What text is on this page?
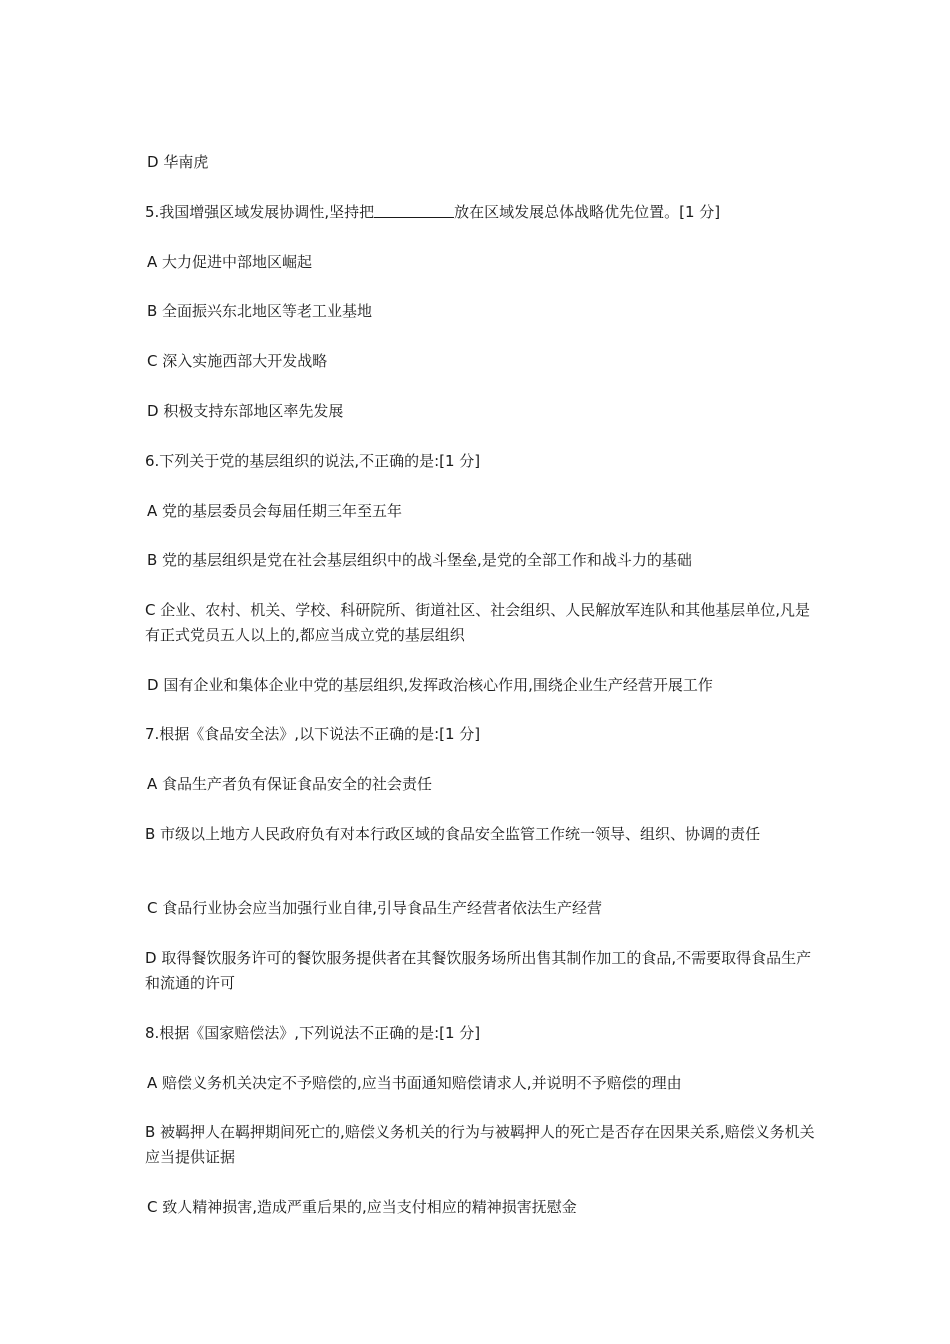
D 华南虎
5.我国增强区域发展协调性,坚持把	放在区域发展总体战略优先位置。[1 分]
A 大力促进中部地区崛起
B 全面振兴东北地区等老工业基地
C 深入实施西部大开发战略
D 积极支持东部地区率先发展
6.下列关于党的基层组织的说法,不正确的是:[1 分]
A 党的基层委员会每届任期三年至五年
B 党的基层组织是党在社会基层组织中的战斗堡垒,是党的全部工作和战斗力的基础
C 企业、农村、机关、学校、科研院所、街道社区、社会组织、人民解放军连队和其他基层单位,凡是有正式党员五人以上的,都应当成立党的基层组织
D 国有企业和集体企业中党的基层组织,发挥政治核心作用,围绕企业生产经营开展工作
7.根据《食品安全法》,以下说法不正确的是:[1 分]
A 食品生产者负有保证食品安全的社会责任
B 市级以上地方人民政府负有对本行政区域的食品安全监管工作统一领导、组织、协调的责任
C 食品行业协会应当加强行业自律,引导食品生产经营者依法生产经营
D 取得餐饮服务许可的餐饮服务提供者在其餐饮服务场所出售其制作加工的食品,不需要取得食品生产和流通的许可
8.根据《国家赔偿法》,下列说法不正确的是:[1 分]
A 赔偿义务机关决定不予赔偿的,应当书面通知赔偿请求人,并说明不予赔偿的理由
B 被羁押人在羁押期间死亡的,赔偿义务机关的行为与被羁押人的死亡是否存在因果关系,赔偿义务机关应当提供证据
C 致人精神损害,造成严重后果的,应当支付相应的精神损害抚慰金
